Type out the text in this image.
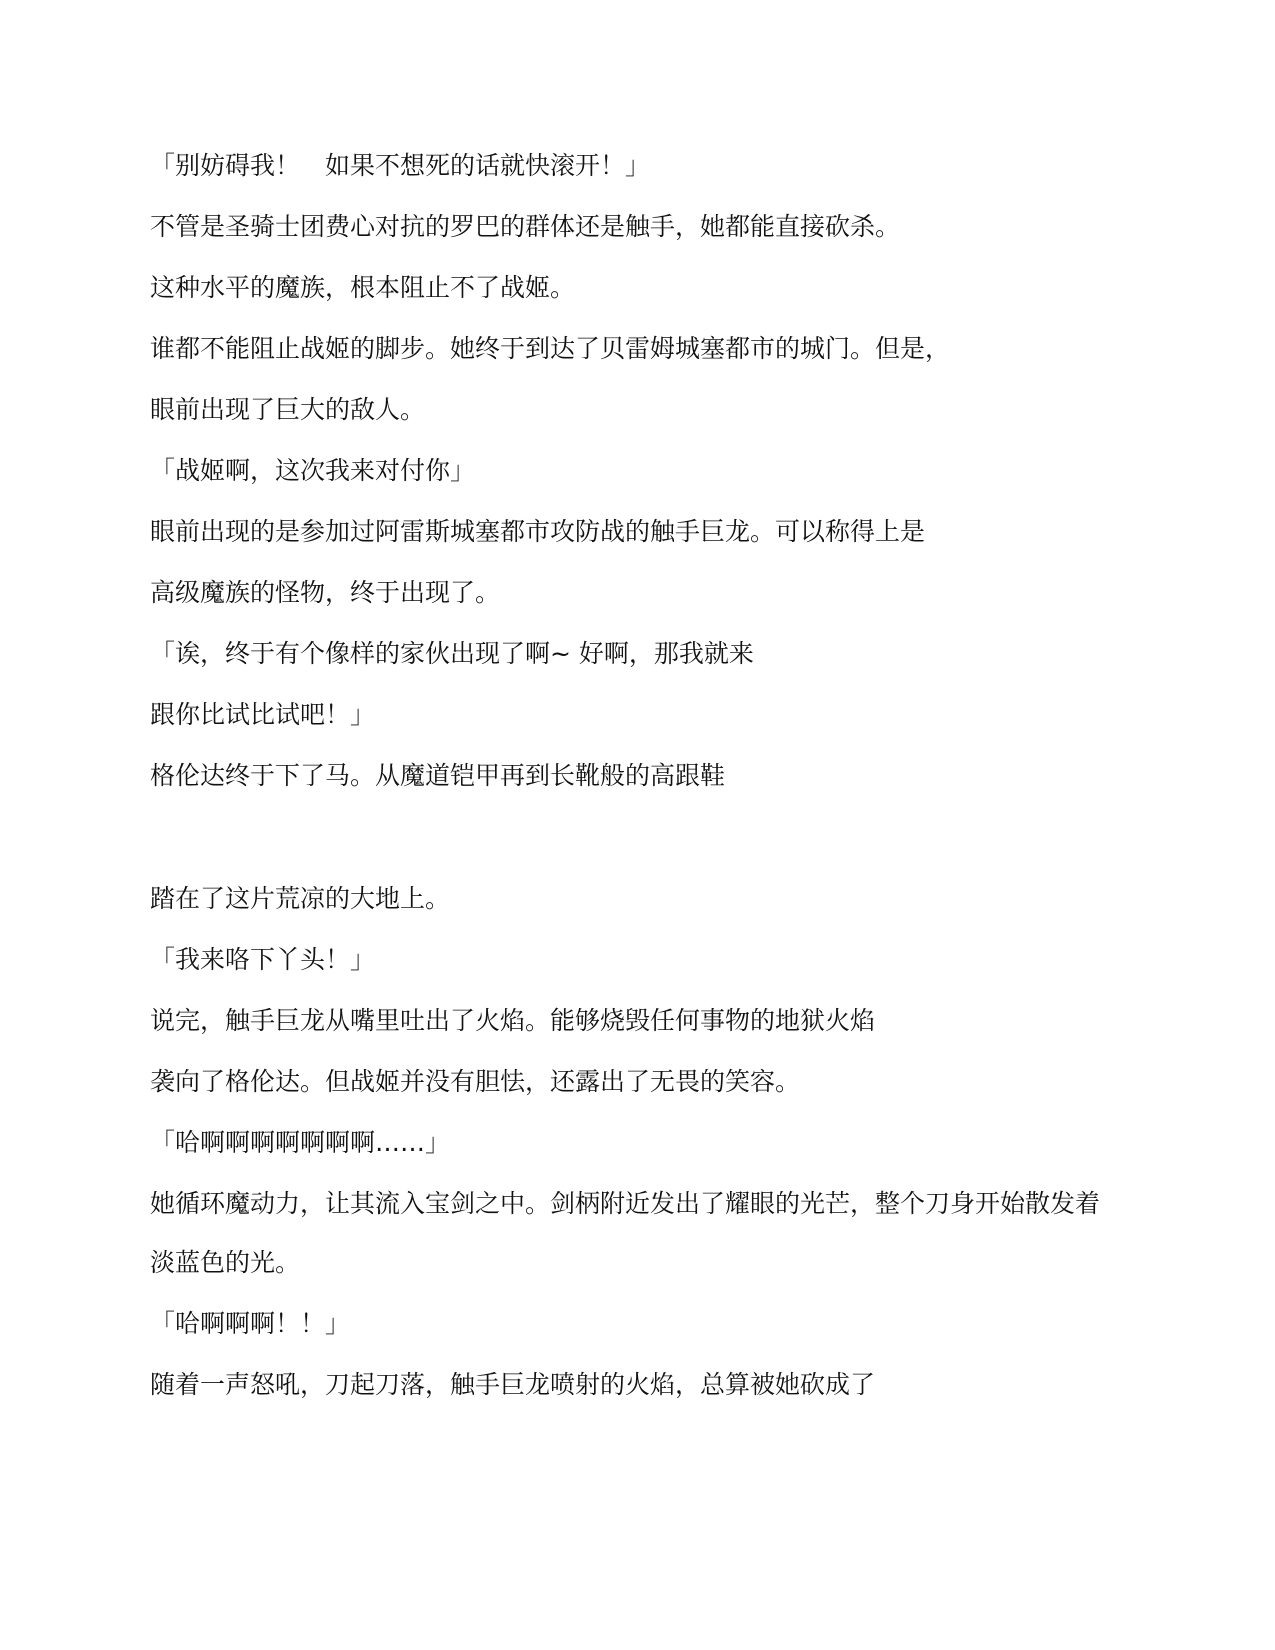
「别妨碍我！　如果不想死的话就快滚开！」

不管是圣骑士团费心对抗的罗巴的群体还是触手，她都能直接砍杀。

这种水平的魔族，根本阻止不了战姬。

谁都不能阻止战姬的脚步。她终于到达了贝雷姆城塞都市的城门。但是，

眼前出现了巨大的敌人。

「战姬啊，这次我来对付你」

眼前出现的是参加过阿雷斯城塞都市攻防战的触手巨龙。可以称得上是

高级魔族的怪物，终于出现了。

「诶，终于有个像样的家伙出现了啊~ 好啊，那我就来

跟你比试比试吧！」

格伦达终于下了马。从魔道铠甲再到长靴般的高跟鞋

踏在了这片荒凉的大地上。

「我来咯下丫头！」

说完，触手巨龙从嘴里吐出了火焰。能够烧毁任何事物的地狱火焰

袭向了格伦达。但战姬并没有胆怯，还露出了无畏的笑容。

「哈啊啊啊啊啊啊啊……」

她循环魔动力，让其流入宝剑之中。剑柄附近发出了耀眼的光芒，整个刀身开始散发着

淡蓝色的光。

「哈啊啊啊！！」

随着一声怒吼，刀起刀落，触手巨龙喷射的火焰，总算被她砍成了
